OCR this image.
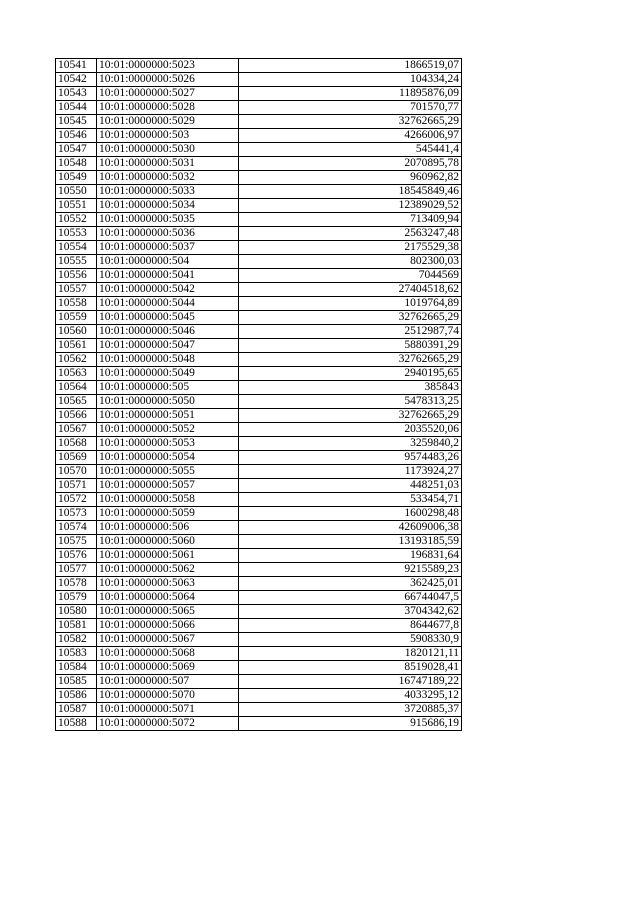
10541	10:01:0000000:5023	1866519,07
10542	10:01:0000000:5026	104334,24
10543	10:01:0000000:5027	11895876,09
10544	10:01:0000000:5028	701570,77
10545	10:01:0000000:5029	32762665,29
10546	10:01:0000000:503	4266006,97
10547	10:01:0000000:5030	545441,4
10548	10:01:0000000:5031	2070895,78
10549	10:01:0000000:5032	960962,82
10550	10:01:0000000:5033	18545849,46
10551	10:01:0000000:5034	12389029,52
10552	10:01:0000000:5035	713409,94
10553	10:01:0000000:5036	2563247,48
10554	10:01:0000000:5037	2175529,38
10555	10:01:0000000:504	802300,03
10556	10:01:0000000:5041	7044569
10557	10:01:0000000:5042	27404518,62
10558	10:01:0000000:5044	1019764,89
10559	10:01:0000000:5045	32762665,29
10560	10:01:0000000:5046	2512987,74
10561	10:01:0000000:5047	5880391,29
10562	10:01:0000000:5048	32762665,29
10563	10:01:0000000:5049	2940195,65
10564	10:01:0000000:505	385843
10565	10:01:0000000:5050	5478313,25
10566	10:01:0000000:5051	32762665,29
10567	10:01:0000000:5052	2035520,06
10568	10:01:0000000:5053	3259840,2
10569	10:01:0000000:5054	9574483,26
10570	10:01:0000000:5055	1173924,27
10571	10:01:0000000:5057	448251,03
10572	10:01:0000000:5058	533454,71
10573	10:01:0000000:5059	1600298,48
10574	10:01:0000000:506	42609006,38
10575	10:01:0000000:5060	13193185,59
10576	10:01:0000000:5061	196831,64
10577	10:01:0000000:5062	9215589,23
10578	10:01:0000000:5063	362425,01
10579	10:01:0000000:5064	66744047,5
10580	10:01:0000000:5065	3704342,62
10581	10:01:0000000:5066	8644677,8
10582	10:01:0000000:5067	5908330,9
10583	10:01:0000000:5068	1820121,11
10584	10:01:0000000:5069	8519028,41
10585	10:01:0000000:507	16747189,22
10586	10:01:0000000:5070	4033295,12
10587	10:01:0000000:5071	3720885,37
10588	10:01:0000000:5072	915686,19
